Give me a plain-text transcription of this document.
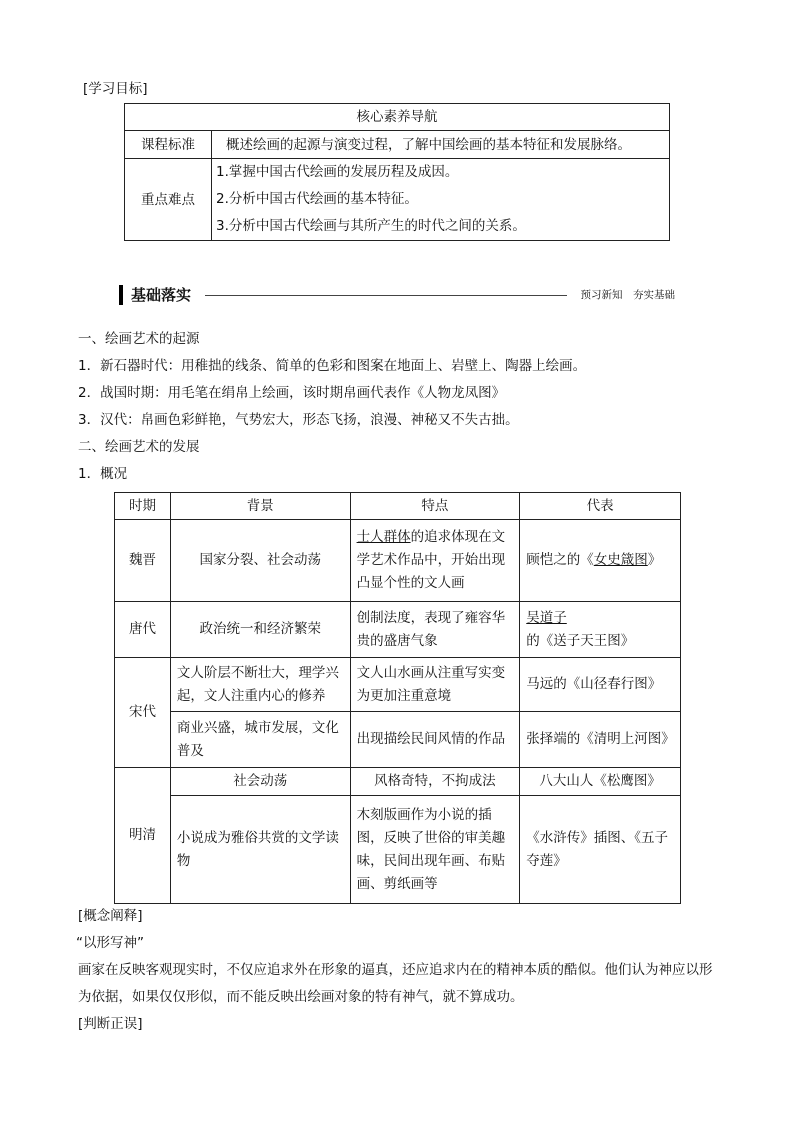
[学习目标]
核心素养导航	
课程标准	概述绘画的起源与演变过程，了解中国绘画的基本特征和发展脉络。
重点难点	1.掌握中国古代绘画的发展历程及成因。
2.分析中国古代绘画的基本特征。
3.分析中国古代绘画与其所产生的时代之间的关系。
基础落实	预习新知　夯实基础
一、绘画艺术的起源
1．新石器时代：用稚拙的线条、简单的色彩和图案在地面上、岩壁上、陶器上绘画。
2．战国时期：用毛笔在绢帛上绘画，该时期帛画代表作《人物龙凤图》
3．汉代：帛画色彩鲜艳，气势宏大，形态飞扬，浪漫、神秘又不失古拙。
二、绘画艺术的发展
1．概况
时期	背景	特点	代表
魏晋	国家分裂、社会动荡	士人群体的追求体现在文学艺术作品中，开始出现凸显个性的文人画	顾恺之的《女史箴图》
唐代	政治统一和经济繁荣	创制法度，表现了雍容华贵的盛唐气象	吴道子的《送子天王图》
宋代	文人阶层不断壮大，理学兴起，文人注重内心的修养	文人山水画从注重写实变为更加注重意境	马远的《山径春行图》
	商业兴盛，城市发展，文化普及	出现描绘民间风情的作品	张择端的《清明上河图》
明清	社会动荡	风格奇特，不拘成法	八大山人《松鹰图》
	小说成为雅俗共赏的文学读物	木刻版画作为小说的插图，反映了世俗的审美趣味，民间出现年画、布贴画、剪纸画等	《水浒传》插图、《五子夺莲》
[概念阐释]
“以形写神”
画家在反映客观现实时，不仅应追求外在形象的逼真，还应追求内在的精神本质的酷似。他们认为神应以形为依据，如果仅仅形似，而不能反映出绘画对象的特有神气，就不算成功。
[判断正误]
